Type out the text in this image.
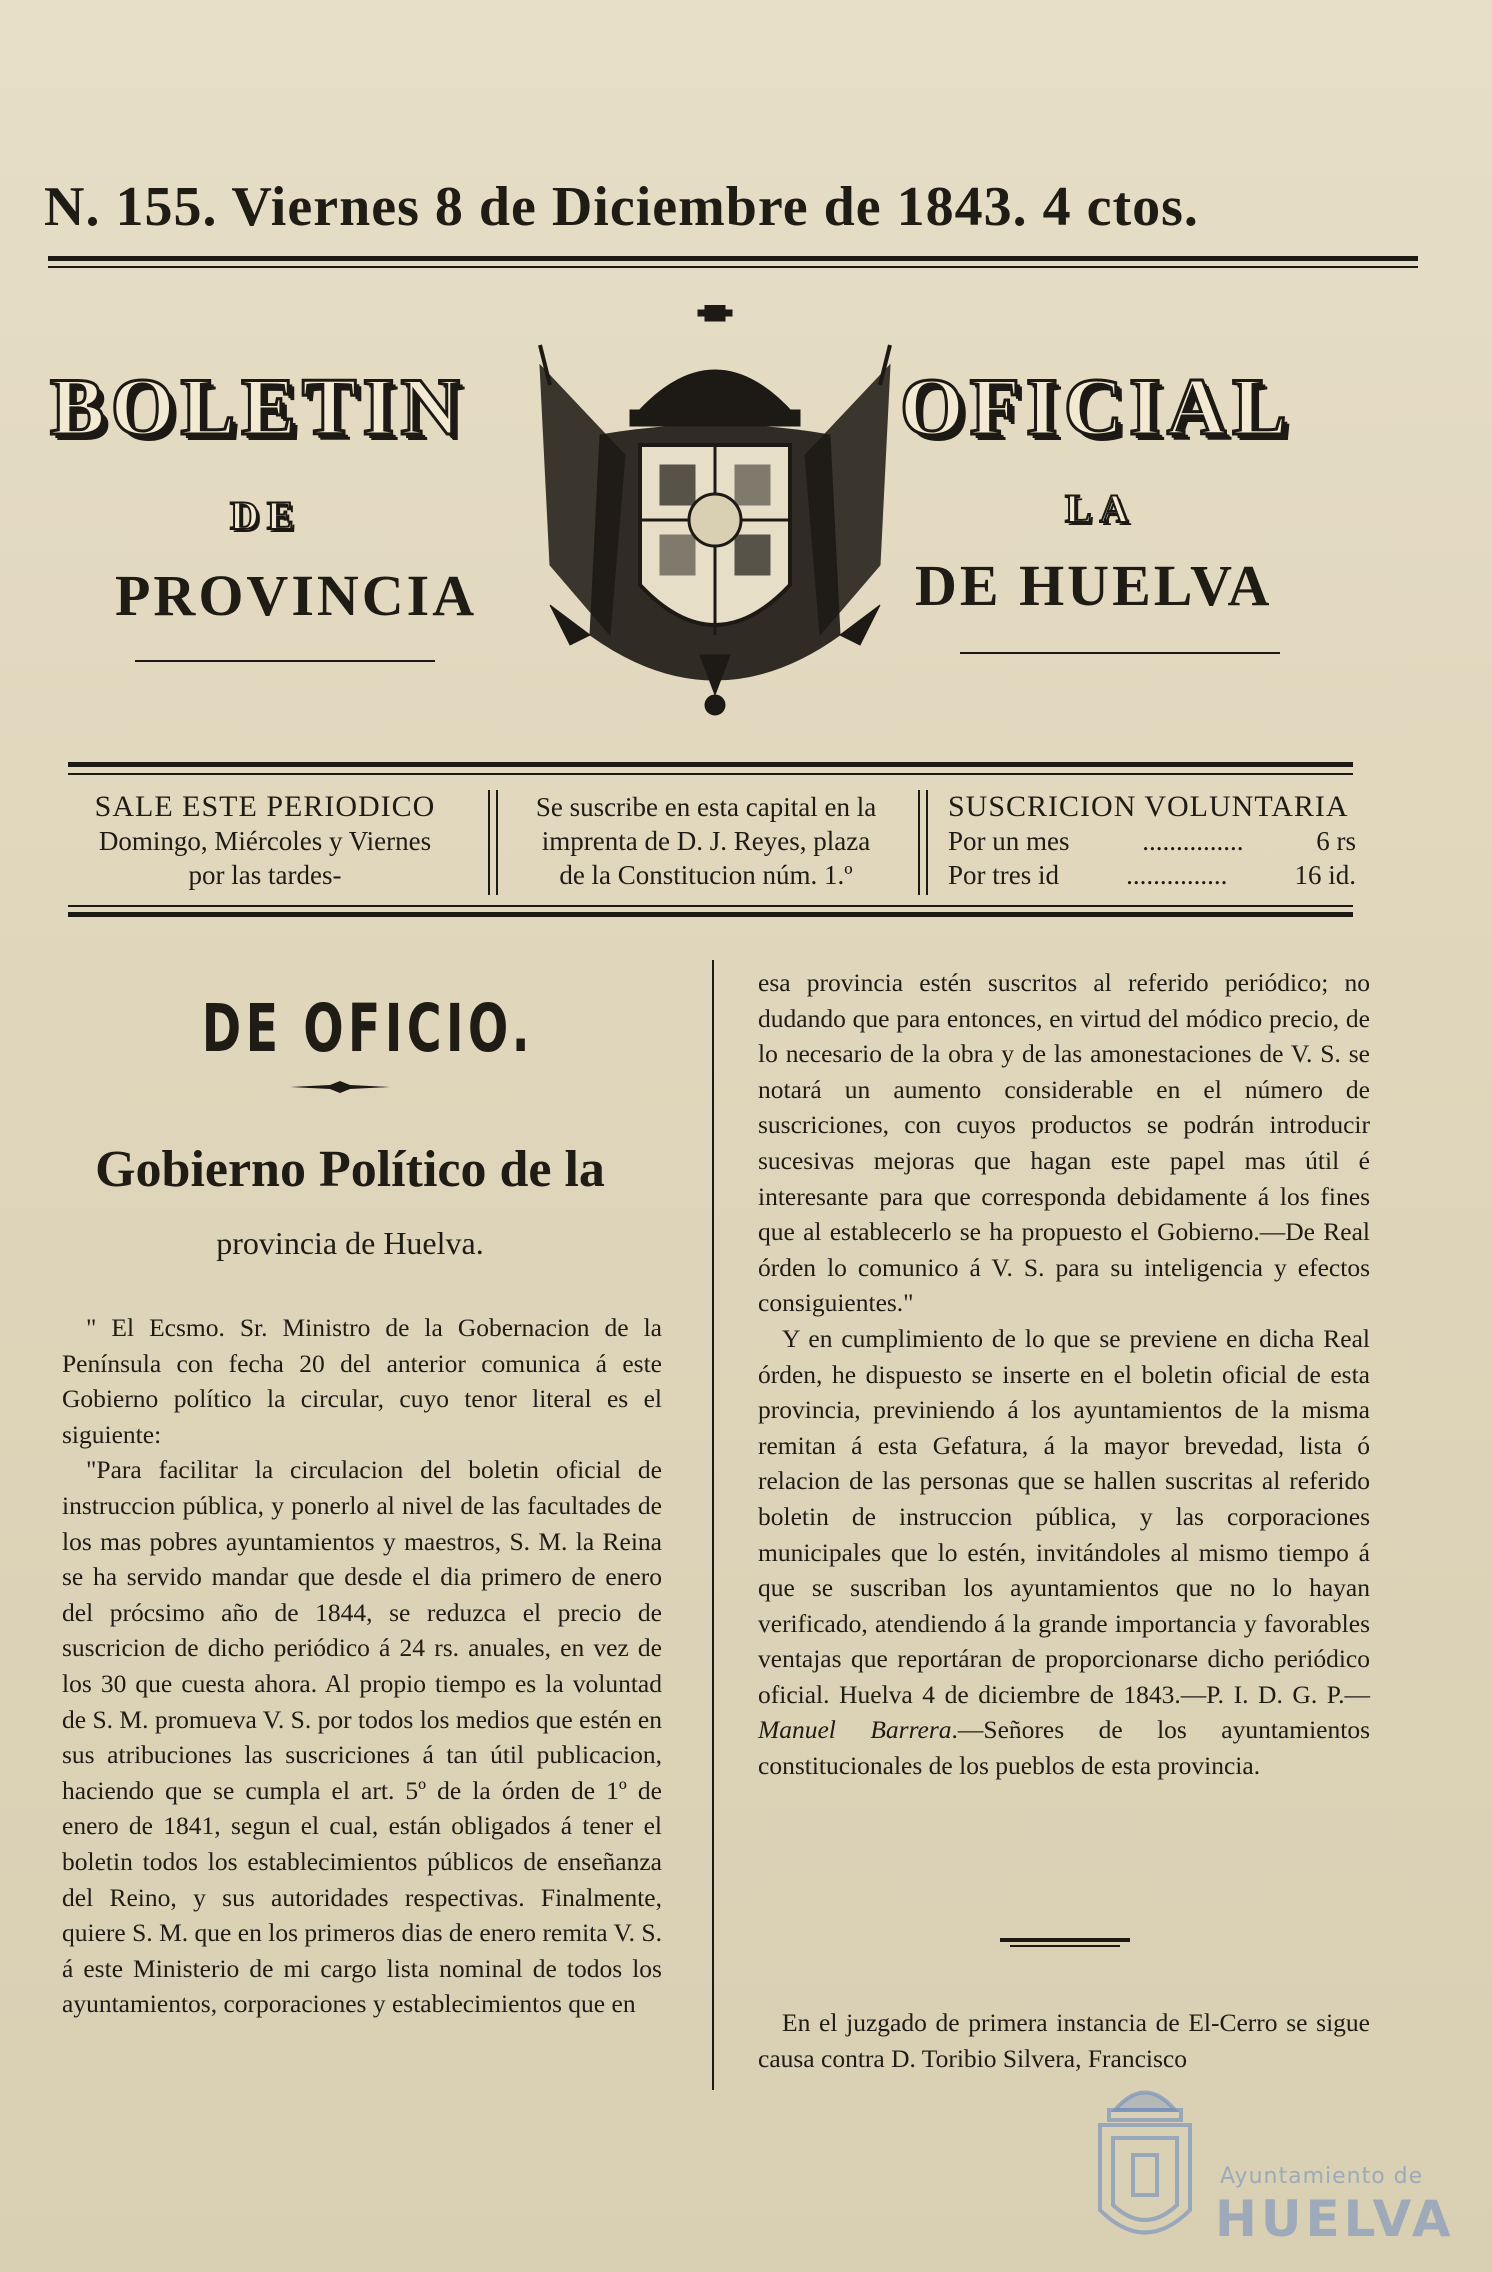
N. 155. Viernes 8 de Diciembre de 1843. 4 ctos.
BOLETIN	OFICIAL
DE	LA
PROVINCIA	DE HUELVA
SALE ESTE PERIODICO
Domingo, Miércoles y Viernes
por las tardes-
Se suscribe en esta capital en la
imprenta de D. J. Reyes, plaza
de la Constitucion núm. 1.º
SUSCRICION VOLUNTARIA
Por un mes	...............	6 rs
Por tres id ............... 16 id.
DE OFICIO.
Gobierno Político de la
provincia de Huelva.

" El Ecsmo. Sr. Ministro de la Gobernacion de la Península con fecha 20 del anterior comunica á este Gobierno político la circular, cuyo tenor literal es el siguiente:

"Para facilitar la circulacion del boletin oficial de instruccion pública, y ponerlo al nivel de las facultades de los mas pobres ayuntamientos y maestros, S. M. la Reina se ha servido mandar que desde el dia primero de enero del prócsimo año de 1844, se reduzca el precio de suscricion de dicho periódico á 24 rs. anuales, en vez de los 30 que cuesta ahora. Al propio tiempo es la voluntad de S. M. promueva V. S. por todos los medios que estén en sus atribuciones las suscriciones á tan útil publicacion, haciendo que se cumpla el art. 5º de la órden de 1º de enero de 1841, segun el cual, están obligados á tener el boletin todos los establecimientos públicos de enseñanza del Reino, y sus autoridades respectivas. Finalmente, quiere S. M. que en los primeros dias de enero remita V. S. á este Ministerio de mi cargo lista nominal de todos los ayuntamientos, corporaciones y establecimientos que en

esa provincia estén suscritos al referido periódico; no dudando que para entonces, en virtud del módico precio, de lo necesario de la obra y de las amonestaciones de V. S. se notará un aumento considerable en el número de suscriciones, con cuyos productos se podrán introducir sucesivas mejoras que hagan este papel mas útil é interesante para que corresponda debidamente á los fines que al establecerlo se ha propuesto el Gobierno.—De Real órden lo comunico á V. S. para su inteligencia y efectos consiguientes."

Y en cumplimiento de lo que se previene en dicha Real órden, he dispuesto se inserte en el boletin oficial de esta provincia, previniendo á los ayuntamientos de la misma remitan á esta Gefatura, á la mayor brevedad, lista ó relacion de las personas que se hallen suscritas al referido boletin de instruccion pública, y las corporaciones municipales que lo estén, invitándoles al mismo tiempo á que se suscriban los ayuntamientos que no lo hayan verificado, atendiendo á la grande importancia y favorables ventajas que reportáran de proporcionarse dicho periódico oficial. Huelva 4 de diciembre de 1843.—P. I. D. G. P.—Manuel Barrera.—Señores de los ayuntamientos constitucionales de los pueblos de esta provincia.

En el juzgado de primera instancia de El-Cerro se sigue causa contra D. Toribio Silvera, Francisco

Ayuntamiento de
HUELVA
